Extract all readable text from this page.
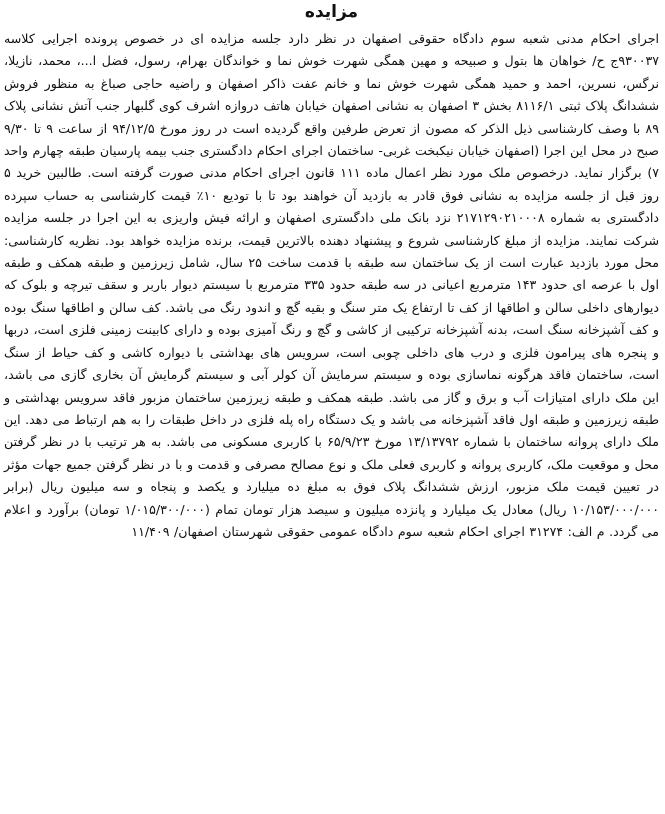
مزایده

اجرای احکام مدنی شعبه سوم دادگاه حقوقی اصفهان در نظر دارد جلسه مزایده ای در خصوص پرونده اجرایی کلاسه ۹۳۰۰۳۷ج ح/ خواهان ها بتول و صبیحه و مهین همگی شهرت خوش نما و خواندگان بهرام، رسول، فضل ا...، محمد، نازیلا، نرگس، نسرین، احمد و حمید همگی شهرت خوش نما و خانم عفت ذاکر اصفهان و راضیه حاجی صباغ به منظور فروش ششدانگ پلاک ثبتی ۸۱۱۶/۱ بخش ۳ اصفهان به نشانی اصفهان خیابان هاتف دروازه اشرف کوی گلبهار جنب آتش نشانی پلاک ۸۹ با وصف کارشناسی ذیل الذکر که مصون از تعرض طرفین واقع گردیده است در روز مورخ ۹۴/۱۲/۵ از ساعت ۹ تا ۹/۳۰ صبح در محل این اجرا (اصفهان خیابان نیکبخت غربی- ساختمان اجرای احکام دادگستری جنب بیمه پارسیان طبقه چهارم واحد ۷) برگزار نماید. درخصوص ملک مورد نظر اعمال ماده ۱۱۱ قانون اجرای احکام مدنی صورت گرفته است. طالبین خرید ۵ روز قبل از جلسه مزایده به نشانی فوق قادر به بازدید آن خواهند بود تا با تودیع ۱۰٪ قیمت کارشناسی به حساب سپرده دادگستری به شماره ۲۱۷۱۲۹۰۲۱۰۰۰۸ نزد بانک ملی دادگستری اصفهان و ارائه فیش واریزی به این اجرا در جلسه مزایده شرکت نمایند. مزایده از مبلغ کارشناسی شروع و پیشنهاد دهنده بالاترین قیمت، برنده مزایده خواهد بود. نظریه کارشناسی: محل مورد بازدید عبارت است از یک ساختمان سه طبقه با قدمت ساخت ۲۵ سال، شامل زیرزمین و طبقه همکف و طبقه اول با عرصه ای حدود ۱۴۳ مترمربع اعیانی در سه طبقه حدود ۳۳۵ مترمربع با سیستم دیوار باربر و سقف تیرچه و بلوک که دیوارهای داخلی سالن و اطاقها از کف تا ارتفاع یک متر سنگ و بقیه گچ و اندود رنگ می باشد. کف سالن و اطاقها سنگ بوده و کف آشپزخانه سنگ است، بدنه آشپزخانه ترکیبی از کاشی و گچ و رنگ آمیزی بوده و دارای کابینت زمینی فلزی است، دربها و پنجره های پیرامون فلزی و درب های داخلی چوبی است، سرویس های بهداشتی با دیواره کاشی و کف حیاط از سنگ است، ساختمان فاقد هرگونه نماسازی بوده و سیستم سرمایش آن کولر آبی و سیستم گرمایش آن بخاری گازی می باشد، این ملک دارای امتیازات آب و برق و گاز می باشد. طبقه همکف و طبقه زیرزمین ساختمان مزبور فاقد سرویس بهداشتی و طبقه زیرزمین و طبقه اول فاقد آشپزخانه می باشد و یک دستگاه راه پله فلزی در داخل طبقات را به هم ارتباط می دهد. این ملک دارای پروانه ساختمان با شماره ۱۳/۱۳۷۹۲ مورخ ۶۵/۹/۲۳ با کاربری مسکونی می باشد. به هر ترتیب با در نظر گرفتن محل و موقعیت ملک، کاربری پروانه و کاربری فعلی ملک و نوع مصالح مصرفی و قدمت و با در نظر گرفتن جمیع جهات مؤثر در تعیین قیمت ملک مزبور، ارزش ششدانگ پلاک فوق به مبلغ ده میلیارد و یکصد و پنجاه و سه میلیون ریال (برابر ۱۰/۱۵۳/۰۰۰/۰۰۰ ریال) معادل یک میلیارد و پانزده میلیون و سیصد هزار تومان تمام (۱/۰۱۵/۳۰۰/۰۰۰ تومان) برآورد و اعلام می گردد. م الف: ۳۱۲۷۴ اجرای احکام شعبه سوم دادگاه عمومی حقوقی شهرستان اصفهان/ ۱۱/۴۰۹
